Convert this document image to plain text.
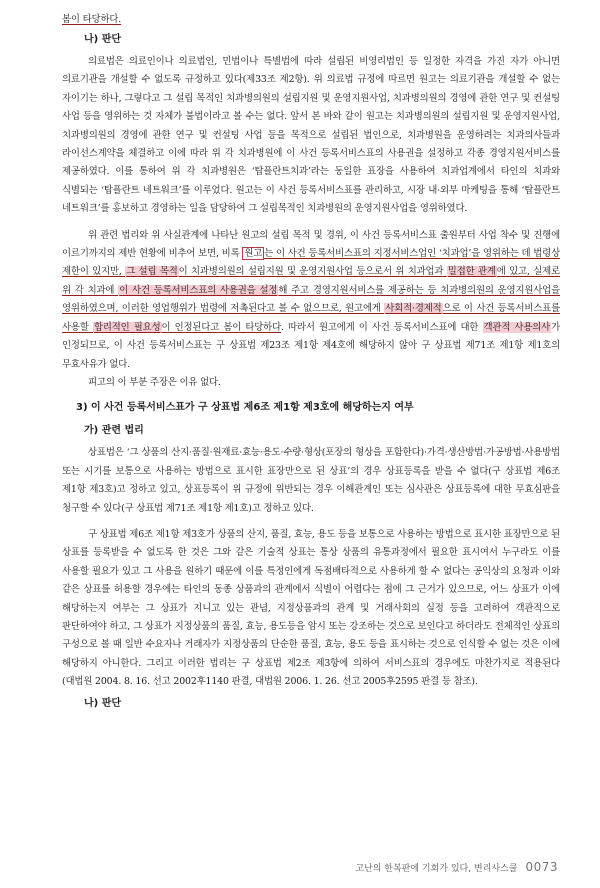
봄이 타당하다.

나) 판단

의료법은 의료인이나 의료법인, 민법이나 특별법에 따라 설립된 비영리법인 등 일정한 자격을 가진 자가 아니면 의료기관을 개설할 수 없도록 규정하고 있다(제33조 제2항). 위 의료법 규정에 따르면 원고는 의료기관을 개설할 수 없는 자이기는 하나, 그렇다고 그 설립 목적인 치과병의원의 설립지원 및 운영지원사업, 치과병의원의 경영에 관한 연구 및 컨설팅 사업 등을 영위하는 것 자체가 불법이라고 볼 수는 없다. 앞서 본 바와 같이 원고는 치과병의원의 설립지원 및 운영지원사업, 치과병의원의 경영에 관한 연구 및 컨설팅 사업 등을 목적으로 설립된 법인으로, 치과병원을 운영하려는 치과의사들과 라이선스계약을 체결하고 이에 따라 위 각 치과병원에 이 사건 등록서비스표의 사용권을 설정하고 각종 경영지원서비스를 제공하였다. 이를 통하여 위 각 치과병원은 ‘탑플란트치과’라는 동일한 표장을 사용하여 치과업계에서 타인의 치과와 식별되는 ‘탑플란트 네트워크’를 이루었다. 원고는 이 사건 등록서비스표를 관리하고, 시장 내·외부 마케팅을 통해 ‘탑플란트 네트워크’를 홍보하고 경영하는 일을 담당하여 그 설립목적인 치과병원의 운영지원사업을 영위하였다.

위 관련 법리와 위 사실관계에 나타난 원고의 설립 목적 및 경위, 이 사건 등록서비스표 출원부터 사업 착수 및 진행에 이르기까지의 제반 현황에 비추어 보면, 비록 원고 는 이 사건 등록서비스표의 지정서비스업인 ‘치과업’을 영위하는 데 법령상 제한이 있지만, 그 설립 목적이 치과병의원의 설립지원 및 운영지원사업 등으로서 위 치과업과 밀접한 관계에 있고, 실제로 위 각 치과에 이 사건 등록서비스표의 사용권을 설정해 주고 경영지원서비스를 제공하는 등 치과병의원의 운영지원사업을 영위하였으며, 이러한 영업행위가 법령에 저촉된다고 볼 수 없으므로, 원고에게 사회적·경제적으로 이 사건 등록서비스표를 사용할 합리적인 필요성이 인정된다고 봄이 타당하다. 따라서 원고에게 이 사건 등록서비스표에 대한 객관적 사용의사가 인정되므로, 이 사건 등록서비스표는 구 상표법 제23조 제1항 제4호에 해당하지 않아 구 상표법 제71조 제1항 제1호의 무효사유가 없다.

피고의 이 부분 주장은 이유 없다.

3) 이 사건 등록서비스표가 구 상표법 제6조 제1항 제3호에 해당하는지 여부
가) 관련 법리

상표법은 ‘그 상품의 산지·품질·원재료·효능·용도·수량·형상(포장의 형상을 포함한다)·가격·생산방법·가공방법·사용방법 또는 시기를 보통으로 사용하는 방법으로 표시한 표장만으로 된 상표’의 경우 상표등록을 받을 수 없다(구 상표법 제6조 제1항 제3호)고 정하고 있고, 상표등록이 위 규정에 위반되는 경우 이해관계인 또는 심사관은 상표등록에 대한 무효심판을 청구할 수 있다(구 상표법 제71조 제1항 제1호)고 정하고 있다.

구 상표법 제6조 제1항 제3호가 상품의 산지, 품질, 효능, 용도 등을 보통으로 사용하는 방법으로 표시한 표장만으로 된 상표를 등록받을 수 없도록 한 것은 그와 같은 기술적 상표는 통상 상품의 유통과정에서 필요한 표시여서 누구라도 이를 사용할 필요가 있고 그 사용을 원하기 때문에 이를 특정인에게 독점배타적으로 사용하게 할 수 없다는 공익상의 요청과 이와 같은 상표를 허용할 경우에는 타인의 동종 상품과의 관계에서 식별이 어렵다는 점에 그 근거가 있으므로, 어느 상표가 이에 해당하는지 여부는 그 상표가 지니고 있는 관념, 지정상품과의 관계 및 거래사회의 실정 등을 고려하여 객관적으로 판단하여야 하고, 그 상표가 지정상품의 품질, 효능, 용도등을 암시 또는 강조하는 것으로 보인다고 하더라도 전체적인 상표의 구성으로 볼 때 일반 수요자나 거래자가 지정상품의 단순한 품질, 효능, 용도 등을 표시하는 것으로 인식할 수 없는 것은 이에 해당하지 아니한다. 그리고 이러한 법리는 구 상표법 제2조 제3항에 의하여 서비스표의 경우에도 마찬가지로 적용된다(대법원 2004. 8. 16. 선고 2002후1140 판결, 대법원 2006. 1. 26. 선고 2005후2595 판결 등 참조).

나) 판단
고난의 한복판에 기회가 있다, 변리사스쿨 0073
